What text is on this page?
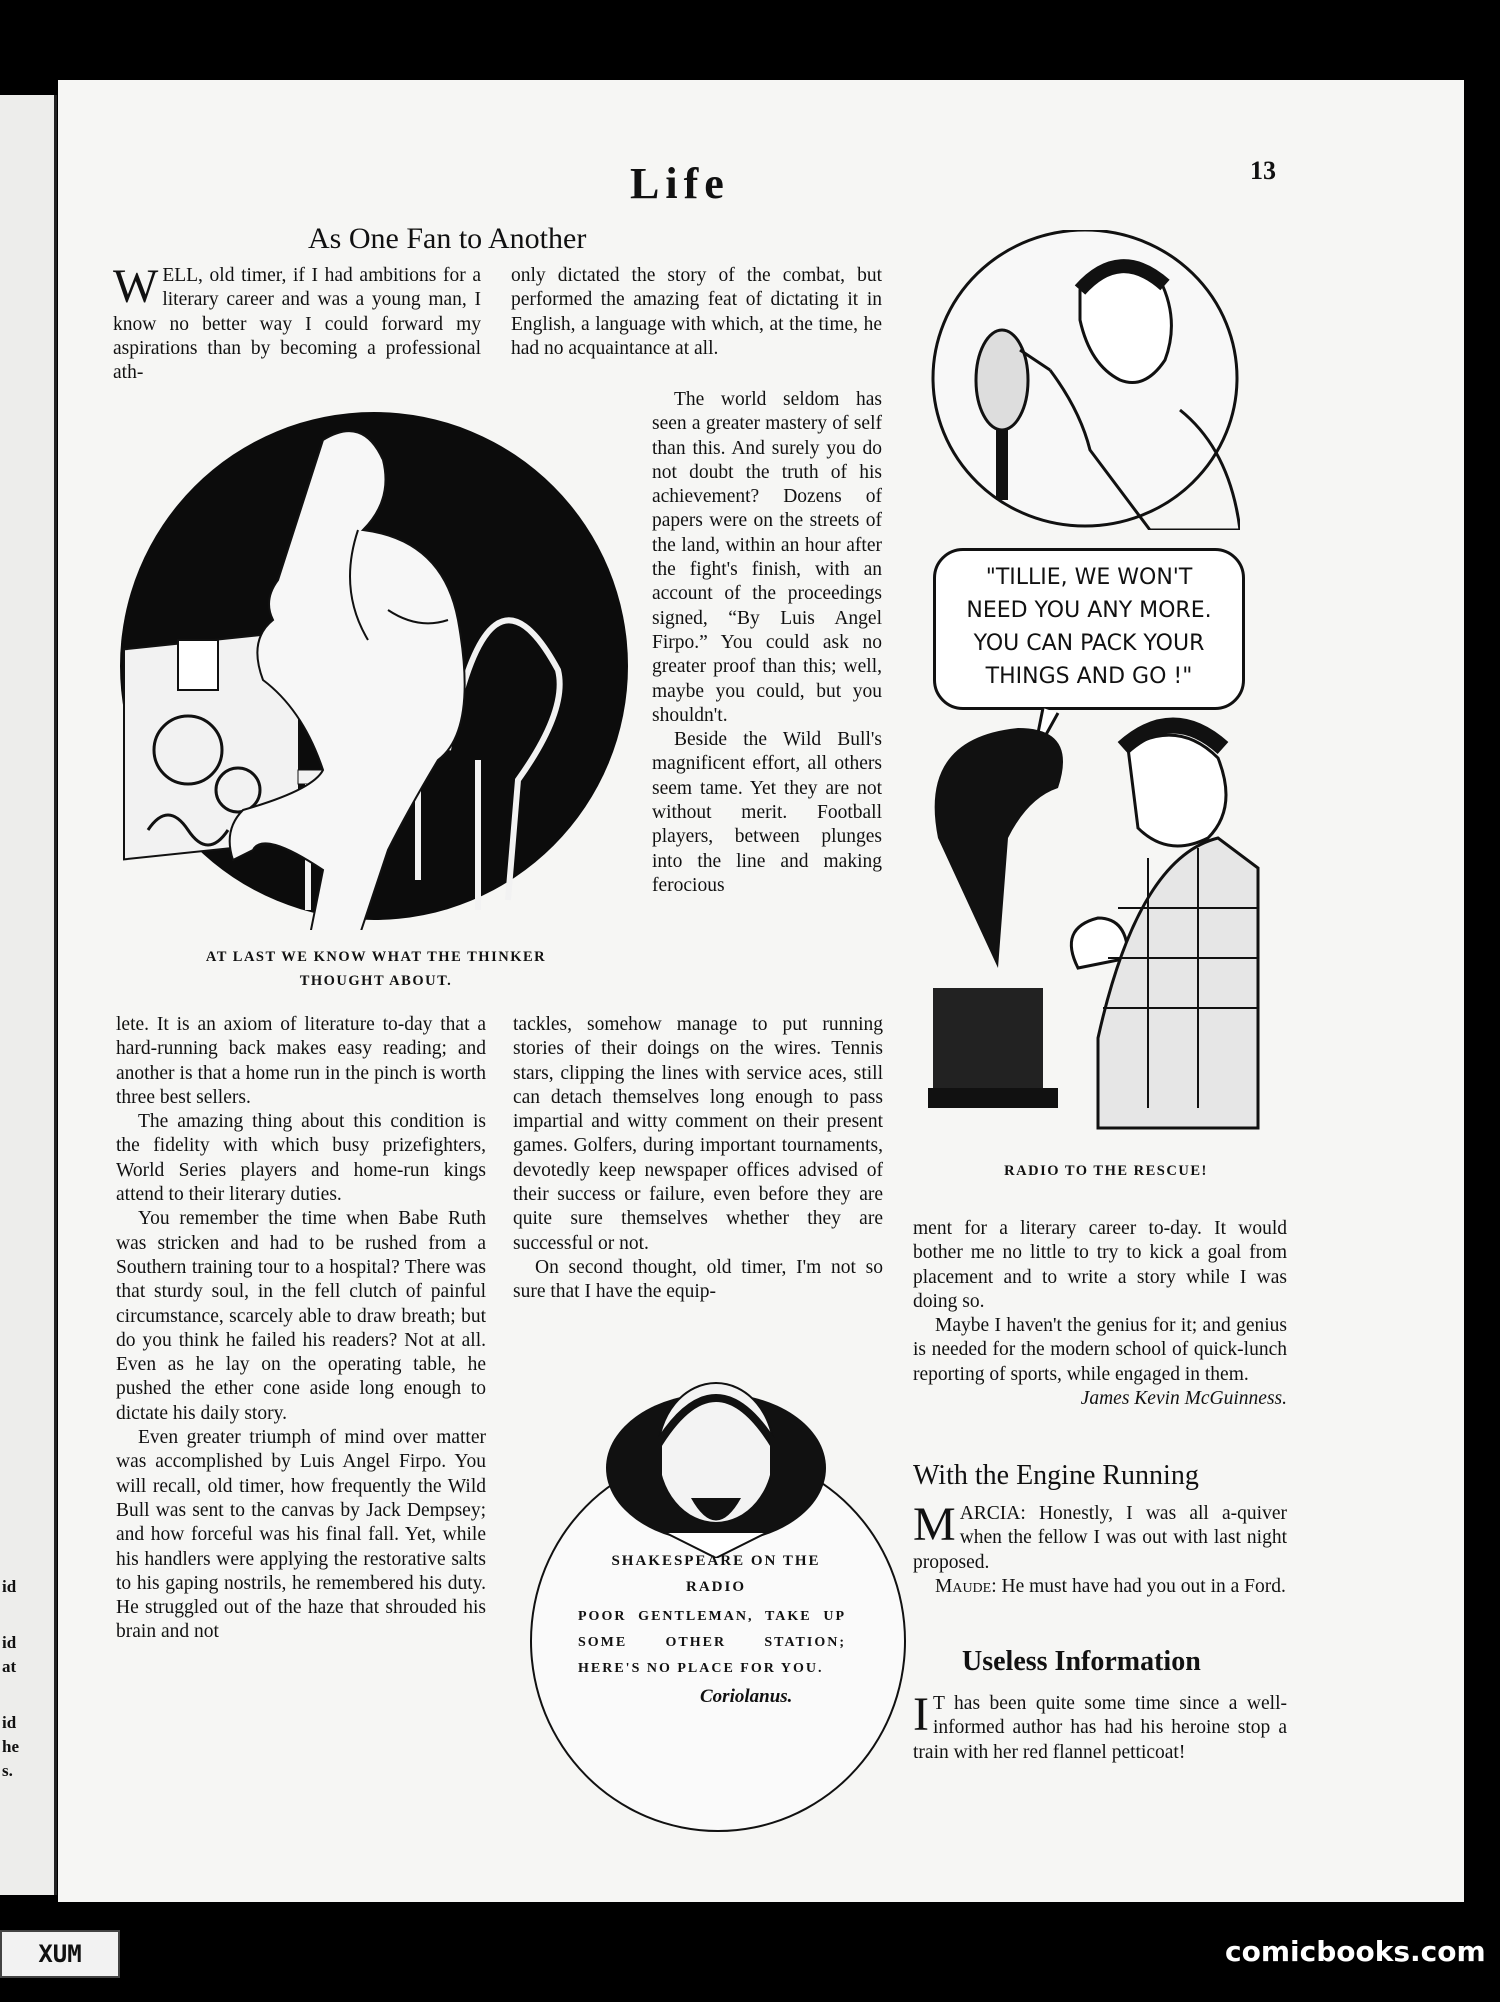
id
id
at
id
he
s.
Life	13
As One Fan to Another

WELL, old timer, if I had ambitions for a literary career and was a young man, I know no better way I could forward my aspirations than by becoming a professional ath-

only dictated the story of the combat, but performed the amazing feat of dictating it in English, a language with which, at the time, he had no acquaintance at all.

AT LAST WE KNOW WHAT THE THINKER THOUGHT ABOUT.

The world seldom has seen a greater mastery of self than this. And surely you do not doubt the truth of his achievement? Dozens of papers were on the streets of the land, within an hour after the fight's finish, with an account of the proceedings signed, “By Luis Angel Firpo.” You could ask no greater proof than this; well, maybe you could, but you shouldn't.

Beside the Wild Bull's magnificent effort, all others seem tame. Yet they are not without merit. Football players, between plunges into the line and making ferocious

lete. It is an axiom of literature to-day that a hard-running back makes easy reading; and another is that a home run in the pinch is worth three best sellers.

The amazing thing about this condition is the fidelity with which busy prizefighters, World Series players and home-run kings attend to their literary duties.

You remember the time when Babe Ruth was stricken and had to be rushed from a Southern training tour to a hospital? There was that sturdy soul, in the fell clutch of painful circumstance, scarcely able to draw breath; but do you think he failed his readers? Not at all. Even as he lay on the operating table, he pushed the ether cone aside long enough to dictate his daily story.

Even greater triumph of mind over matter was accomplished by Luis Angel Firpo. You will recall, old timer, how frequently the Wild Bull was sent to the canvas by Jack Dempsey; and how forceful was his final fall. Yet, while his handlers were applying the restorative salts to his gaping nostrils, he remembered his duty. He struggled out of the haze that shrouded his brain and not

tackles, somehow manage to put running stories of their doings on the wires. Tennis stars, clipping the lines with service aces, still can detach themselves long enough to pass impartial and witty comment on their present games. Golfers, during important tournaments, devotedly keep newspaper offices advised of their success or failure, even before they are quite sure themselves whether they are successful or not.

On second thought, old timer, I'm not so sure that I have the equip-

SHAKESPEARE ON THE RADIO
POOR GENTLEMAN, TAKE UP SOME OTHER STATION; HERE'S NO PLACE FOR YOU.
Coriolanus.
"TILLIE, WE WON'T
NEED YOU ANY MORE.
YOU CAN PACK YOUR
THINGS AND GO !"
RADIO TO THE RESCUE!

ment for a literary career to-day. It would bother me no little to try to kick a goal from placement and to write a story while I was doing so.

Maybe I haven't the genius for it; and genius is needed for the modern school of quick-lunch reporting of sports, while engaged in them.

James Kevin McGuinness.
With the Engine Running

MARCIA: Honestly, I was all a-quiver when the fellow I was out with last night proposed.

Maude: He must have had you out in a Ford.

Useless Information

I T has been quite some time since a well-informed author has had his heroine stop a train with her red flannel petticoat!

XUM	comicbooks.com
